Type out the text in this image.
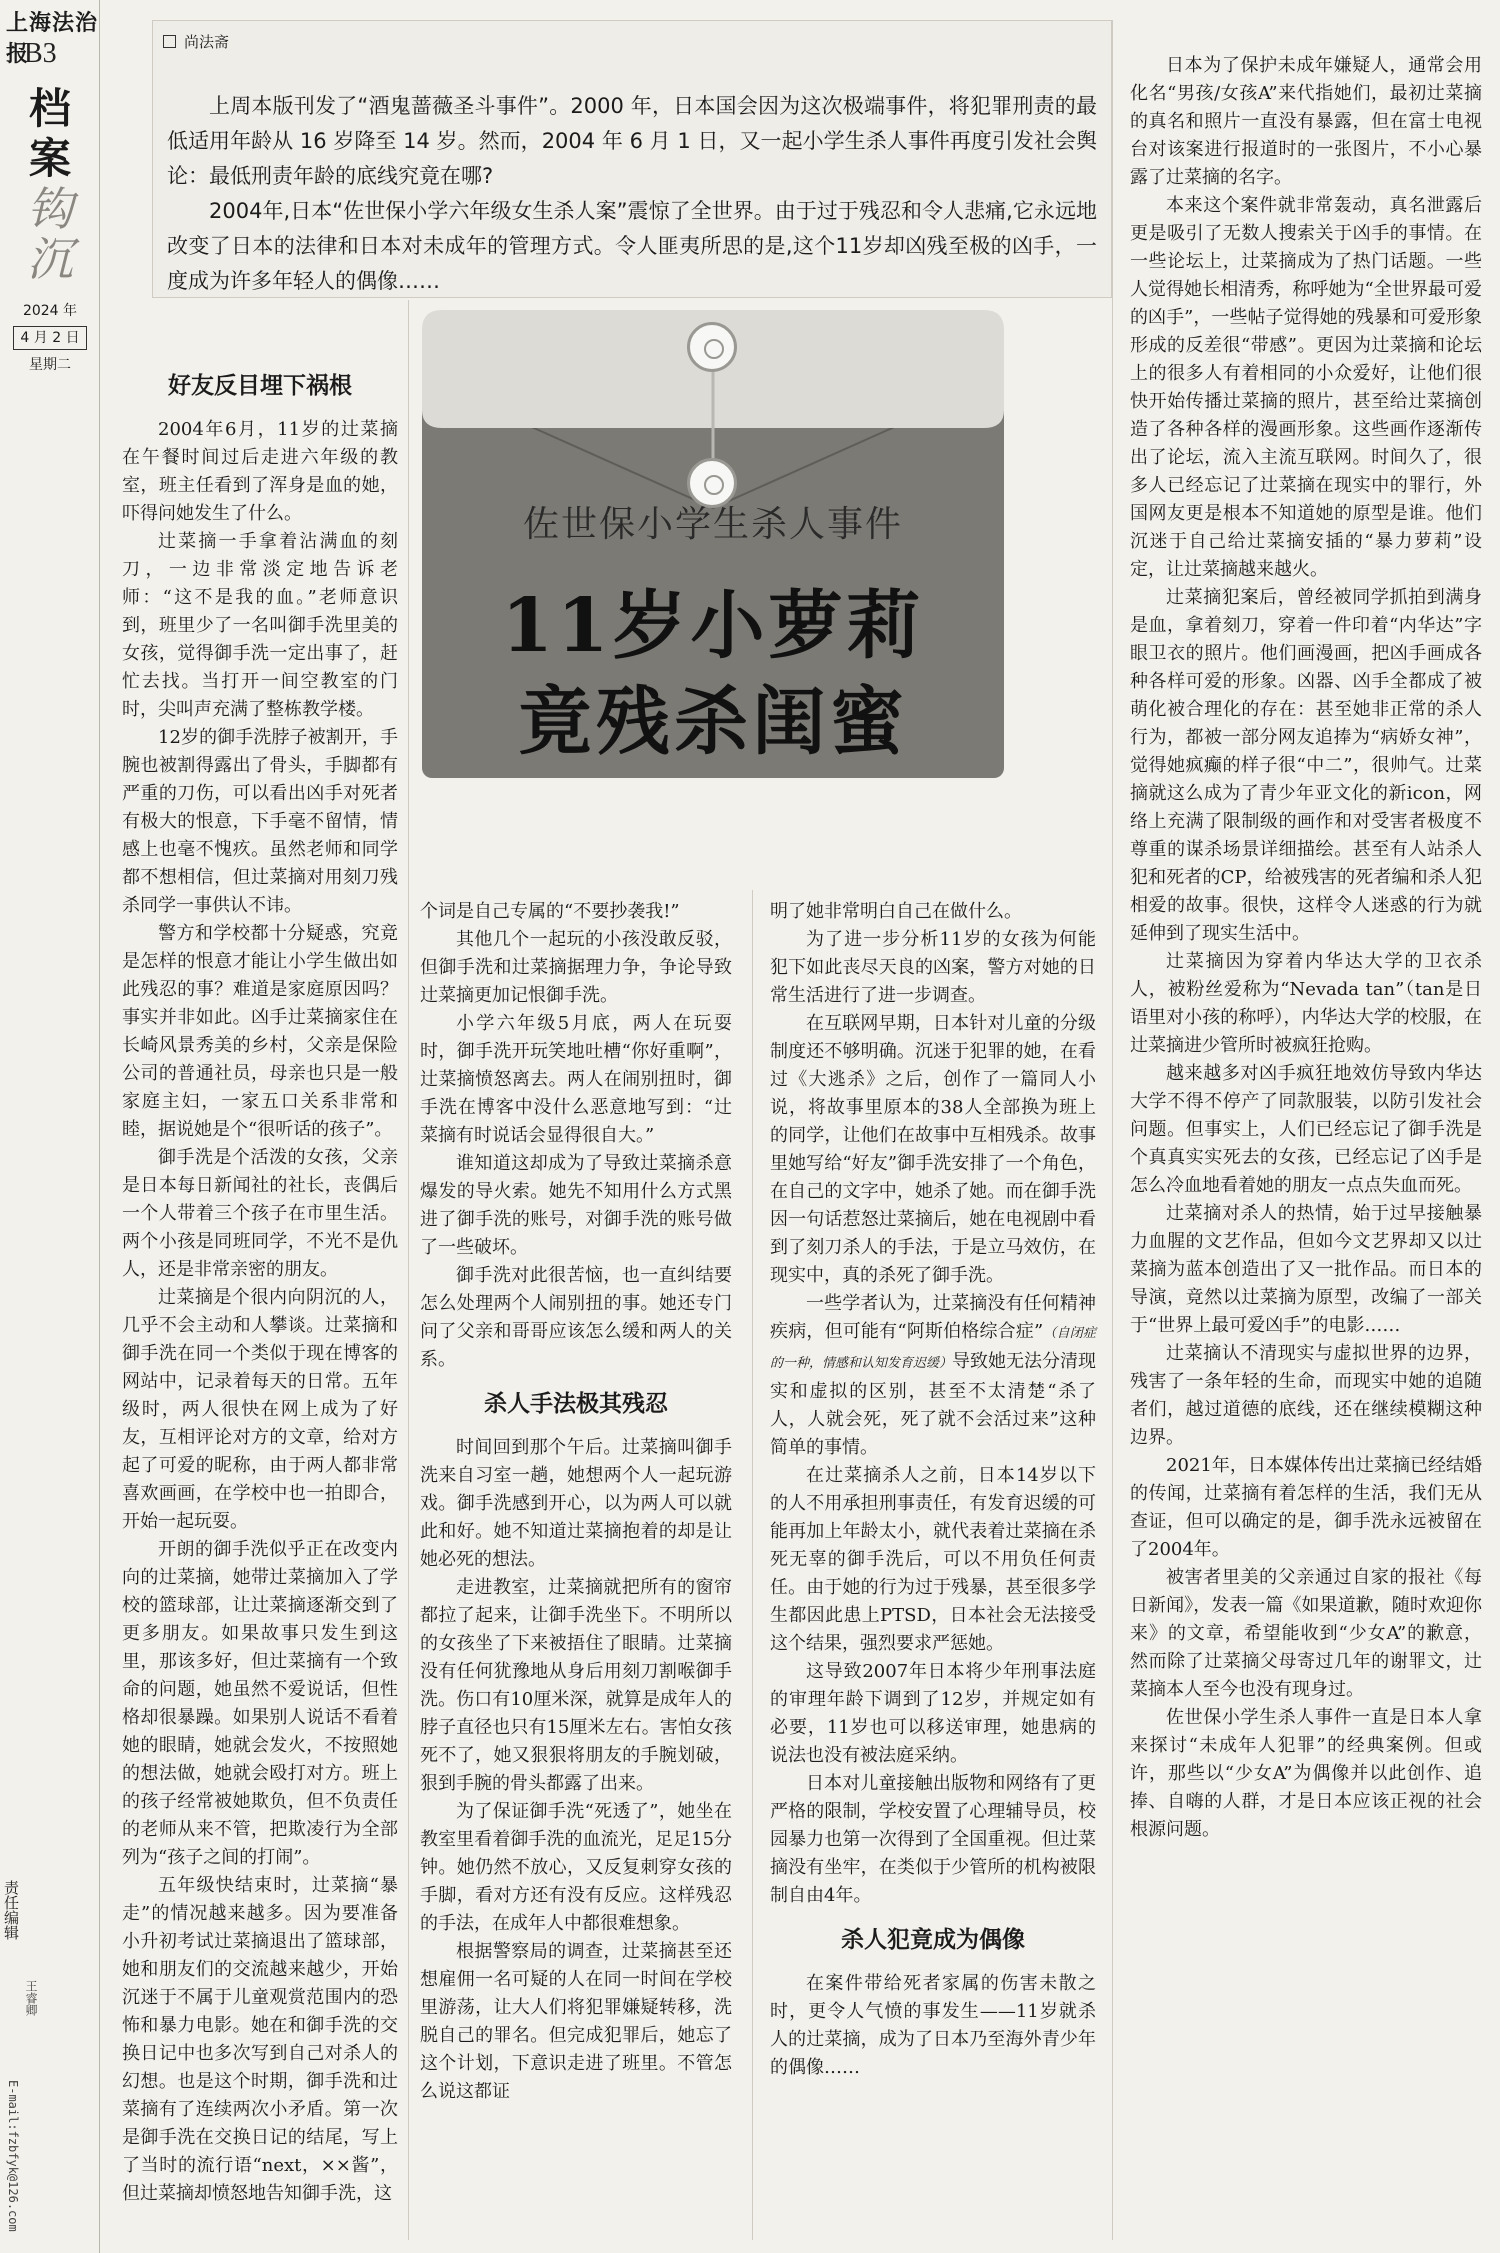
上海法治报
B3
档
案
钩
沉
2024 年
4 月 2 日
星期二
责任编辑
王睿卿
E-mail:fzbfyk@126.com
尚法斋

上周本版刊发了“酒鬼蔷薇圣斗事件”。2000 年，日本国会因为这次极端事件，将犯罪刑责的最低适用年龄从 16 岁降至 14 岁。然而，2004 年 6 月 1 日，又一起小学生杀人事件再度引发社会舆论：最低刑责年龄的底线究竟在哪?

2004年,日本“佐世保小学六年级女生杀人案”震惊了全世界。由于过于残忍和令人悲痛,它永远地改变了日本的法律和日本对未成年的管理方式。令人匪夷所思的是,这个11岁却凶残至极的凶手，一度成为许多年轻人的偶像……

佐世保小学生杀人事件
11岁小萝莉
竟残杀闺蜜
好友反目埋下祸根

2004年6月，11岁的辻菜摘在午餐时间过后走进六年级的教室，班主任看到了浑身是血的她，吓得问她发生了什么。

辻菜摘一手拿着沾满血的刻刀，一边非常淡定地告诉老师：“这不是我的血。”老师意识到，班里少了一名叫御手洗里美的女孩，觉得御手洗一定出事了，赶忙去找。当打开一间空教室的门时，尖叫声充满了整栋教学楼。

12岁的御手洗脖子被割开，手腕也被割得露出了骨头，手脚都有严重的刀伤，可以看出凶手对死者有极大的恨意，下手毫不留情，情感上也毫不愧疚。虽然老师和同学都不想相信，但辻菜摘对用刻刀残杀同学一事供认不讳。

警方和学校都十分疑惑，究竟是怎样的恨意才能让小学生做出如此残忍的事？难道是家庭原因吗？事实并非如此。凶手辻菜摘家住在长崎风景秀美的乡村，父亲是保险公司的普通社员，母亲也只是一般家庭主妇，一家五口关系非常和睦，据说她是个“很听话的孩子”。

御手洗是个活泼的女孩，父亲是日本每日新闻社的社长，丧偶后一个人带着三个孩子在市里生活。两个小孩是同班同学，不光不是仇人，还是非常亲密的朋友。

辻菜摘是个很内向阴沉的人，几乎不会主动和人攀谈。辻菜摘和御手洗在同一个类似于现在博客的网站中，记录着每天的日常。五年级时，两人很快在网上成为了好友，互相评论对方的文章，给对方起了可爱的昵称，由于两人都非常喜欢画画，在学校中也一拍即合，开始一起玩耍。

开朗的御手洗似乎正在改变内向的辻菜摘，她带辻菜摘加入了学校的篮球部，让辻菜摘逐渐交到了更多朋友。如果故事只发生到这里，那该多好，但辻菜摘有一个致命的问题，她虽然不爱说话，但性格却很暴躁。如果别人说话不看着她的眼睛，她就会发火，不按照她的想法做，她就会殴打对方。班上的孩子经常被她欺负，但不负责任的老师从来不管，把欺凌行为全部列为“孩子之间的打闹”。

五年级快结束时，辻菜摘“暴走”的情况越来越多。因为要准备小升初考试辻菜摘退出了篮球部，她和朋友们的交流越来越少，开始沉迷于不属于儿童观赏范围内的恐怖和暴力电影。她在和御手洗的交换日记中也多次写到自己对杀人的幻想。也是这个时期，御手洗和辻菜摘有了连续两次小矛盾。第一次是御手洗在交换日记的结尾，写上了当时的流行语“next，××酱”，但辻菜摘却愤怒地告知御手洗，这

个词是自己专属的“不要抄袭我!”

其他几个一起玩的小孩没敢反驳，但御手洗和辻菜摘据理力争，争论导致辻菜摘更加记恨御手洗。

小学六年级5月底，两人在玩耍时，御手洗开玩笑地吐槽“你好重啊”，辻菜摘愤怒离去。两人在闹别扭时，御手洗在博客中没什么恶意地写到：“辻菜摘有时说话会显得很自大。”

谁知道这却成为了导致辻菜摘杀意爆发的导火索。她先不知用什么方式黑进了御手洗的账号，对御手洗的账号做了一些破坏。

御手洗对此很苦恼，也一直纠结要怎么处理两个人闹别扭的事。她还专门问了父亲和哥哥应该怎么缓和两人的关系。

杀人手法极其残忍

时间回到那个午后。辻菜摘叫御手洗来自习室一趟，她想两个人一起玩游戏。御手洗感到开心，以为两人可以就此和好。她不知道辻菜摘抱着的却是让她必死的想法。

走进教室，辻菜摘就把所有的窗帘都拉了起来，让御手洗坐下。不明所以的女孩坐了下来被捂住了眼睛。辻菜摘没有任何犹豫地从身后用刻刀割喉御手洗。伤口有10厘米深，就算是成年人的脖子直径也只有15厘米左右。害怕女孩死不了，她又狠狠将朋友的手腕划破，狠到手腕的骨头都露了出来。

为了保证御手洗“死透了”，她坐在教室里看着御手洗的血流光，足足15分钟。她仍然不放心，又反复刺穿女孩的手脚，看对方还有没有反应。这样残忍的手法，在成年人中都很难想象。

根据警察局的调查，辻菜摘甚至还想雇佣一名可疑的人在同一时间在学校里游荡，让大人们将犯罪嫌疑转移，洗脱自己的罪名。但完成犯罪后，她忘了这个计划，下意识走进了班里。不管怎么说这都证

明了她非常明白自己在做什么。

为了进一步分析11岁的女孩为何能犯下如此丧尽天良的凶案，警方对她的日常生活进行了进一步调查。

在互联网早期，日本针对儿童的分级制度还不够明确。沉迷于犯罪的她，在看过《大逃杀》之后，创作了一篇同人小说，将故事里原本的38人全部换为班上的同学，让他们在故事中互相残杀。故事里她写给“好友”御手洗安排了一个角色，在自己的文字中，她杀了她。而在御手洗因一句话惹怒辻菜摘后，她在电视剧中看到了刻刀杀人的手法，于是立马效仿，在现实中，真的杀死了御手洗。

一些学者认为，辻菜摘没有任何精神疾病，但可能有“阿斯伯格综合症”（自闭症的一种，情感和认知发育迟缓）导致她无法分清现实和虚拟的区别，甚至不太清楚“杀了人，人就会死，死了就不会活过来”这种简单的事情。

在辻菜摘杀人之前，日本14岁以下的人不用承担刑事责任，有发育迟缓的可能再加上年龄太小，就代表着辻菜摘在杀死无辜的御手洗后，可以不用负任何责任。由于她的行为过于残暴，甚至很多学生都因此患上PTSD，日本社会无法接受这个结果，强烈要求严惩她。

这导致2007年日本将少年刑事法庭的审理年龄下调到了12岁，并规定如有必要，11岁也可以移送审理，她患病的说法也没有被法庭采纳。

日本对儿童接触出版物和网络有了更严格的限制，学校安置了心理辅导员，校园暴力也第一次得到了全国重视。但辻菜摘没有坐牢，在类似于少管所的机构被限制自由4年。

杀人犯竟成为偶像

在案件带给死者家属的伤害未散之时，更令人气愤的事发生——11岁就杀人的辻菜摘，成为了日本乃至海外青少年的偶像……

日本为了保护未成年嫌疑人，通常会用化名“男孩/女孩A”来代指她们，最初辻菜摘的真名和照片一直没有暴露，但在富士电视台对该案进行报道时的一张图片，不小心暴露了辻菜摘的名字。

本来这个案件就非常轰动，真名泄露后更是吸引了无数人搜索关于凶手的事情。在一些论坛上，辻菜摘成为了热门话题。一些人觉得她长相清秀，称呼她为“全世界最可爱的凶手”，一些帖子觉得她的残暴和可爱形象形成的反差很“带感”。更因为辻菜摘和论坛上的很多人有着相同的小众爱好，让他们很快开始传播辻菜摘的照片，甚至给辻菜摘创造了各种各样的漫画形象。这些画作逐渐传出了论坛，流入主流互联网。时间久了，很多人已经忘记了辻菜摘在现实中的罪行，外国网友更是根本不知道她的原型是谁。他们沉迷于自己给辻菜摘安插的“暴力萝莉”设定，让辻菜摘越来越火。

辻菜摘犯案后，曾经被同学抓拍到满身是血，拿着刻刀，穿着一件印着“内华达”字眼卫衣的照片。他们画漫画，把凶手画成各种各样可爱的形象。凶器、凶手全都成了被萌化被合理化的存在：甚至她非正常的杀人行为，都被一部分网友追捧为“病娇女神”，觉得她疯癫的样子很“中二”，很帅气。辻菜摘就这么成为了青少年亚文化的新icon，网络上充满了限制级的画作和对受害者极度不尊重的谋杀场景详细描绘。甚至有人站杀人犯和死者的CP，给被残害的死者编和杀人犯相爱的故事。很快，这样令人迷惑的行为就延伸到了现实生活中。

辻菜摘因为穿着内华达大学的卫衣杀人，被粉丝爱称为“Nevada tan”（tan是日语里对小孩的称呼），内华达大学的校服，在辻菜摘进少管所时被疯狂抢购。

越来越多对凶手疯狂地效仿导致内华达大学不得不停产了同款服装，以防引发社会问题。但事实上，人们已经忘记了御手洗是个真真实实死去的女孩，已经忘记了凶手是怎么冷血地看着她的朋友一点点失血而死。

辻菜摘对杀人的热情，始于过早接触暴力血腥的文艺作品，但如今文艺界却又以辻菜摘为蓝本创造出了又一批作品。而日本的导演，竟然以辻菜摘为原型，改编了一部关于“世界上最可爱凶手”的电影……

辻菜摘认不清现实与虚拟世界的边界，残害了一条年轻的生命，而现实中她的追随者们，越过道德的底线，还在继续模糊这种边界。

2021年，日本媒体传出辻菜摘已经结婚的传闻，辻菜摘有着怎样的生活，我们无从查证，但可以确定的是，御手洗永远被留在了2004年。

被害者里美的父亲通过自家的报社《每日新闻》，发表一篇《如果道歉，随时欢迎你来》的文章，希望能收到“少女A”的歉意，然而除了辻菜摘父母寄过几年的谢罪文，辻菜摘本人至今也没有现身过。

佐世保小学生杀人事件一直是日本人拿来探讨“未成年人犯罪”的经典案例。但或许，那些以“少女A”为偶像并以此创作、追捧、自嗨的人群，才是日本应该正视的社会根源问题。
